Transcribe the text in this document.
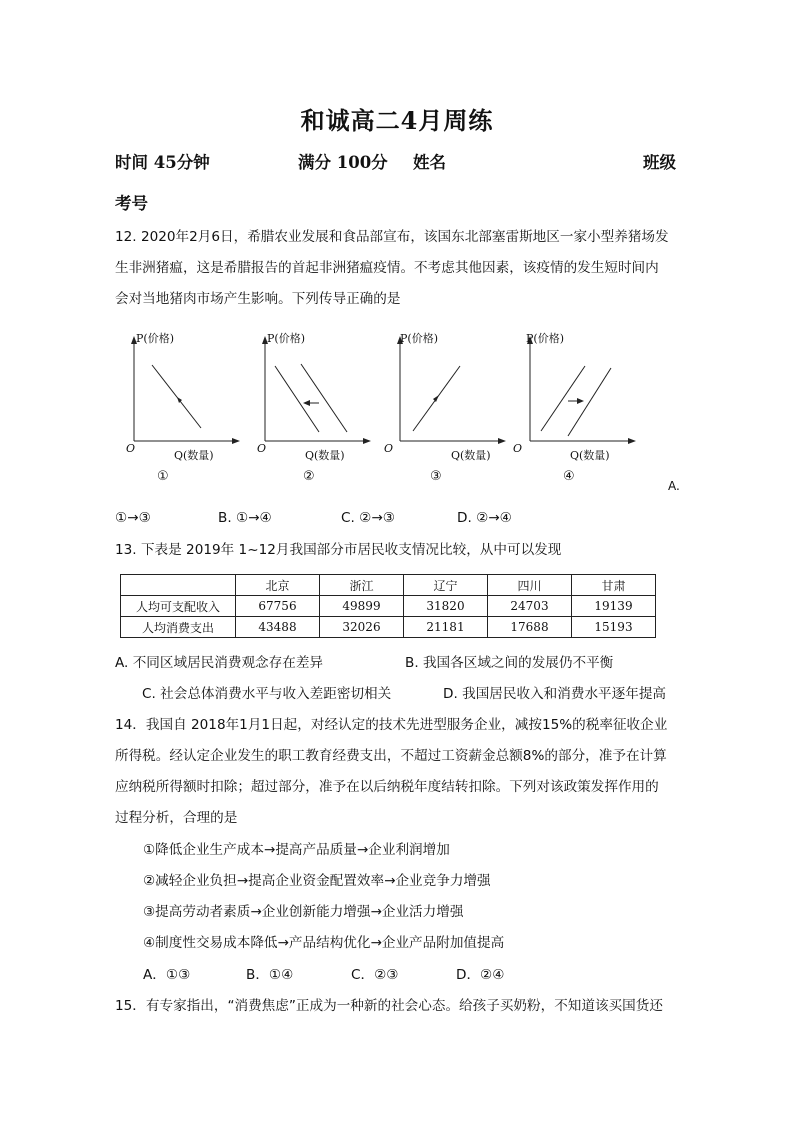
和诚高二4月周练
时间 45分钟	满分 100分 姓名	班级
考号
12. 2020年2月6日，希腊农业发展和食品部宣布，该国东北部塞雷斯地区一家小型养猪场发
生非洲猪瘟，这是希腊报告的首起非洲猪瘟疫情。不考虑其他因素，该疫情的发生短时间内
会对当地猪肉市场产生影响。下列传导正确的是
P(价格)
O
Q(数量)
①
P(价格)
O
Q(数量)
②
P(价格)
O
Q(数量)
③
P(价格)
O
Q(数量)
④
A.
①→③	B. ①→④	C. ②→③	D. ②→④
13. 下表是 2019年 1~12月我国部分市居民收支情况比较，从中可以发现
	北京	浙江	辽宁	四川	甘肃
人均可支配收入	67756	49899	31820	24703	19139
人均消费支出	43488	32026	21181	17688	15193
A. 不同区域居民消费观念存在差异	B. 我国各区域之间的发展仍不平衡
C. 社会总体消费水平与收入差距密切相关	D. 我国居民收入和消费水平逐年提高
14．我国自 2018年1月1日起，对经认定的技术先进型服务企业，减按15%的税率征收企业
所得税。经认定企业发生的职工教育经费支出，不超过工资薪金总额8%的部分，准予在计算
应纳税所得额时扣除；超过部分，准予在以后纳税年度结转扣除。下列对该政策发挥作用的
过程分析，合理的是
①降低企业生产成本→提高产品质量→企业利润增加
②减轻企业负担→提高企业资金配置效率→企业竞争力增强
③提高劳动者素质→企业创新能力增强→企业活力增强
④制度性交易成本降低→产品结构优化→企业产品附加值提高
A．①③	B．①④	C．②③	D．②④
15．有专家指出，“消费焦虑”正成为一种新的社会心态。给孩子买奶粉，不知道该买国货还
